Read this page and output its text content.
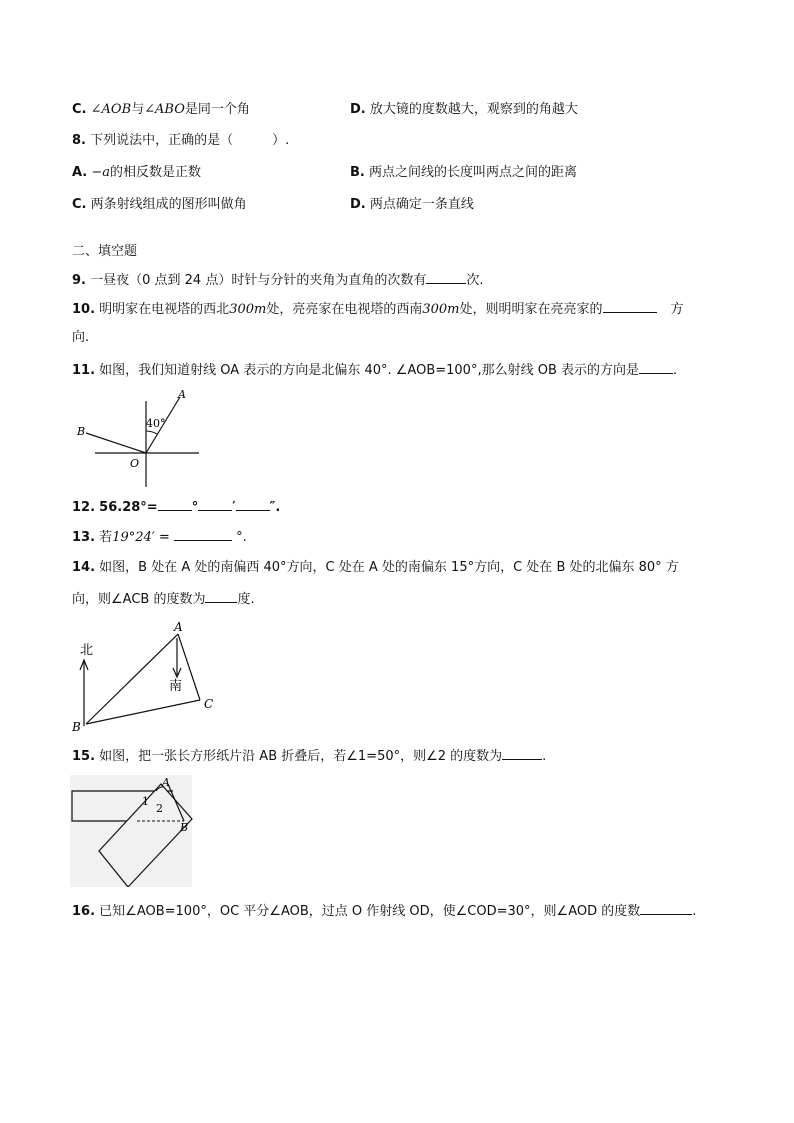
C. ∠AOB与∠ABO是同一个角	D. 放大镜的度数越大，观察到的角越大
8. 下列说法中，正确的是（　　　）.
A. −a的相反数是正数	B. 两点之间线的长度叫两点之间的距离
C. 两条射线组成的图形叫做角	D. 两点确定一条直线
二、填空题
9. 一昼夜（0 点到 24 点）时针与分针的夹角为直角的次数有	次.
10. 明明家在电视塔的西北300m处，亮亮家在电视塔的西南300m处，则明明家在亮亮家的	方
向.
11. 如图，我们知道射线 OA 表示的方向是北偏东 40°. ∠AOB=100°,那么射线 OB 表示的方向是	.
A
B
O
40°
12. 56.28°=	°	′	″.
13. 若19°24′ =	°.
14. 如图，B 处在 A 处的南偏西 40°方向，C 处在 A 处的南偏东 15°方向，C 处在 B 处的北偏东 80° 方
向，则∠ACB 的度数为 度.
北
南
A
B
C
15. 如图，把一张长方形纸片沿 AB 折叠后，若∠1=50°，则∠2 的度数为	.
A
B
1
2
16. 已知∠AOB=100°，OC 平分∠AOB，过点 O 作射线 OD，使∠COD=30°，则∠AOD 的度数	.
